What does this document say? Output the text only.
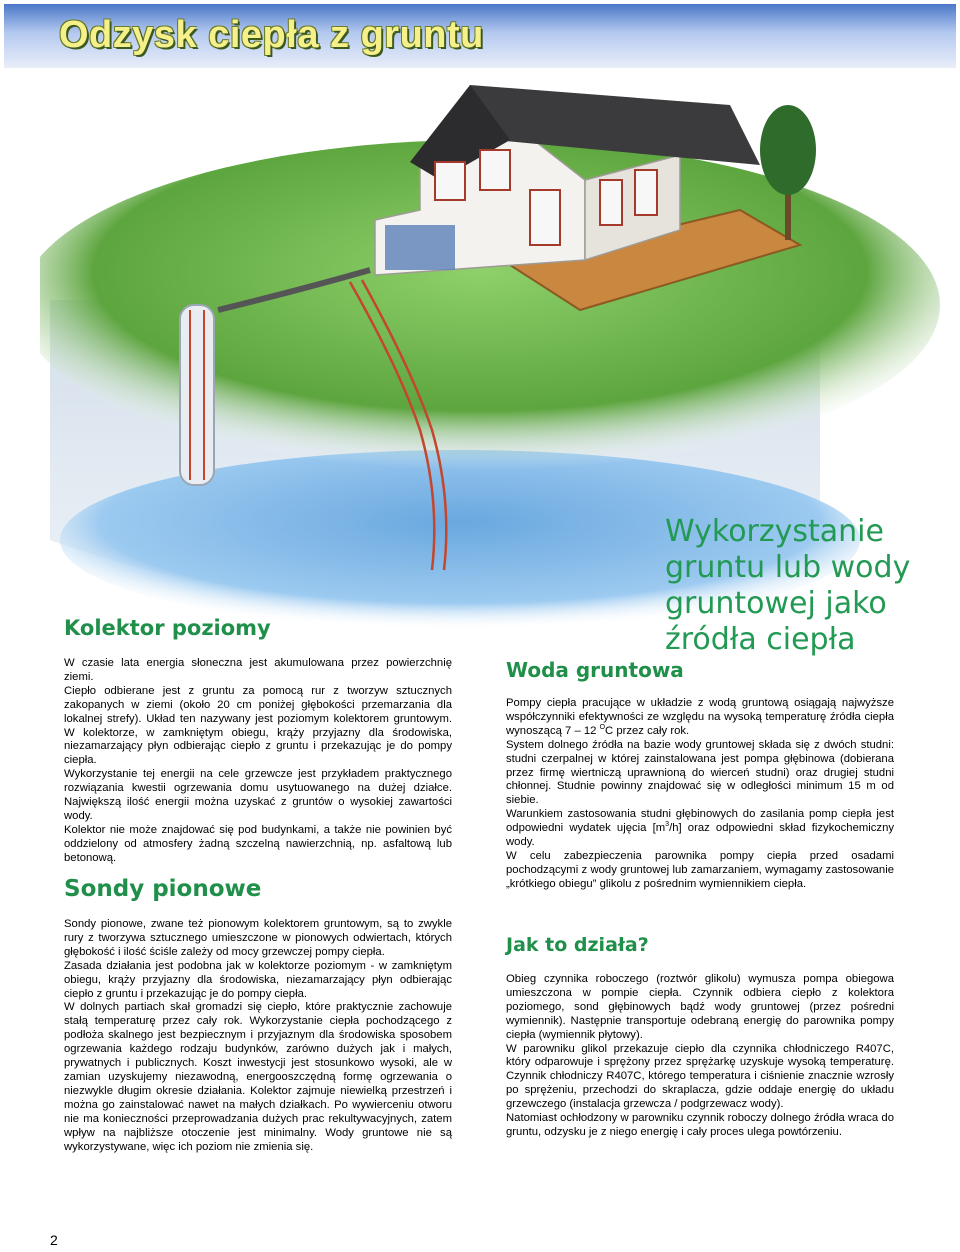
Odzysk ciepła z gruntu
Kolektor poziomy

W czasie lata energia słoneczna jest akumulowana przez powierzchnię ziemi.

Ciepło odbierane jest z gruntu za pomocą rur z tworzyw sztucznych zakopanych w ziemi (około 20 cm poniżej głębokości przemarzania dla lokalnej strefy). Układ ten nazywany jest poziomym kolektorem gruntowym. W kolektorze, w zamkniętym obiegu, krąży przyjazny dla środowiska, niezamarzający płyn odbierając ciepło z gruntu i przekazując je do pompy ciepła.

Wykorzystanie tej energii na cele grzewcze jest przykładem praktycznego rozwiązania kwestii ogrzewania domu usytuowanego na dużej działce. Największą ilość energii można uzyskać z gruntów o wysokiej zawartości wody.

Kolektor nie może znajdować się pod budynkami, a także nie powinien być oddzielony od atmosfery żadną szczelną nawierzchnią, np. asfaltową lub betonową.

Sondy pionowe

Sondy pionowe, zwane też pionowym kolektorem gruntowym, są to zwykle rury z tworzywa sztucznego umieszczone w pionowych odwiertach, których głębokość i ilość ściśle zależy od mocy grzewczej pompy ciepła.

Zasada działania jest podobna jak w kolektorze poziomym - w zamkniętym obiegu, krąży przyjazny dla środowiska, niezamarzający płyn odbierając ciepło z gruntu i przekazując je do pompy ciepła.

W dolnych partiach skał gromadzi się ciepło, które praktycznie zachowuje stałą temperaturę przez cały rok. Wykorzystanie ciepła pochodzącego z podłoża skalnego jest bezpiecznym i przyjaznym dla środowiska sposobem ogrzewania każdego rodzaju budynków, zarówno dużych jak i małych, prywatnych i publicznych. Koszt inwestycji jest stosunkowo wysoki, ale w zamian uzyskujemy niezawodną, energooszczędną formę ogrzewania o niezwykle długim okresie działania. Kolektor zajmuje niewielką przestrzeń i można go zainstalować nawet na małych działkach. Po wywierceniu otworu nie ma konieczności przeprowadzania dużych prac rekultywacyjnych, zatem wpływ na najbliższe otoczenie jest minimalny. Wody gruntowe nie są wykorzystywane, więc ich poziom nie zmienia się.

Wykorzystanie
gruntu lub wody
gruntowej jako
źródła ciepła
Woda gruntowa

Pompy ciepła pracujące w układzie z wodą gruntową osiągają najwyższe współczynniki efektywności ze względu na wysoką temperaturę źródła ciepła wynoszącą 7 – 12 $^O$C przez cały rok.

System dolnego źródła na bazie wody gruntowej składa się z dwóch studni: studni czerpalnej w której zainstalowana jest pompa głębinowa (dobierana przez firmę wiertniczą uprawnioną do wierceń studni) oraz drugiej studni chłonnej. Studnie powinny znajdować się w odległości minimum 15 m od siebie.

Warunkiem zastosowania studni głębinowych do zasilania pomp ciepła jest odpowiedni wydatek ujęcia $[m^3/h]$ oraz odpowiedni skład fizykochemiczny wody.

W celu zabezpieczenia parownika pompy ciepła przed osadami pochodzącymi z wody gruntowej lub zamarzaniem, wymagamy zastosowanie „krótkiego obiegu” glikolu z pośrednim wymiennikiem ciepła.

Jak to działa?

Obieg czynnika roboczego (roztwór glikolu) wymusza pompa obiegowa umieszczona w pompie ciepła. Czynnik odbiera ciepło z kolektora poziomego, sond głębinowych bądź wody gruntowej (przez pośredni wymiennik). Następnie transportuje odebraną energię do parownika pompy ciepła (wymiennik płytowy).

W parowniku glikol przekazuje ciepło dla czynnika chłodniczego R407C, który odparowuje i sprężony przez sprężarkę uzyskuje wysoką temperaturę. Czynnik chłodniczy R407C, którego temperatura i ciśnienie znacznie wzrosły po sprężeniu, przechodzi do skraplacza, gdzie oddaje energię do układu grzewczego (instalacja grzewcza / podgrzewacz wody).

Natomiast ochłodzony w parowniku czynnik roboczy dolnego źródła wraca do gruntu, odzysku je z niego energię i cały proces ulega powtórzeniu.

2
